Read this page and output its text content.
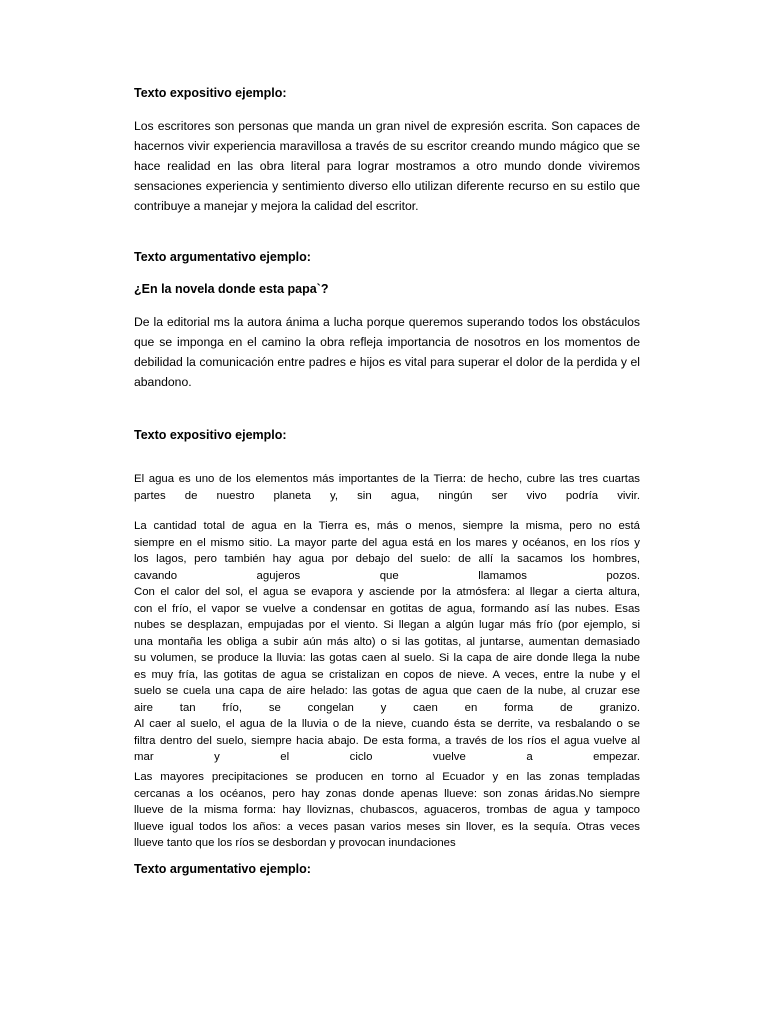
Texto expositivo ejemplo:

Los escritores son personas que manda un gran nivel de expresión escrita. Son capaces de hacernos vivir experiencia maravillosa a través de su escritor creando mundo mágico que se hace realidad en las obra literal para lograr mostramos a otro mundo donde viviremos sensaciones experiencia y sentimiento diverso ello utilizan diferente recurso en su estilo que contribuye a manejar y mejora la calidad del escritor.

Texto argumentativo ejemplo:
¿En la novela donde esta papa`?

De la editorial ms la autora ánima a lucha porque queremos superando todos los obstáculos que se imponga en el camino la obra refleja importancia de nosotros en los momentos de debilidad la comunicación entre padres e hijos es vital para superar el dolor de la perdida y el abandono.

Texto expositivo ejemplo:
El agua es uno de los elementos más importantes de la Tierra: de hecho, cubre las tres cuartas
partes de nuestro planeta y, sin agua, ningún ser vivo podría vivir.
La cantidad total de agua en la Tierra es, más o menos, siempre la misma, pero no está
siempre en el mismo sitio. La mayor parte del agua está en los mares y océanos, en los ríos y
los lagos, pero también hay agua por debajo del suelo: de allí la sacamos los hombres,
cavando agujeros que llamamos pozos.
Con el calor del sol, el agua se evapora y asciende por la atmósfera: al llegar a cierta altura,
con el frío, el vapor se vuelve a condensar en gotitas de agua, formando así las nubes. Esas
nubes se desplazan, empujadas por el viento. Si llegan a algún lugar más frío (por ejemplo, si
una montaña les obliga a subir aún más alto) o si las gotitas, al juntarse, aumentan demasiado
su volumen, se produce la lluvia: las gotas caen al suelo. Si la capa de aire donde llega la nube
es muy fría, las gotitas de agua se cristalizan en copos de nieve. A veces, entre la nube y el
suelo se cuela una capa de aire helado: las gotas de agua que caen de la nube, al cruzar ese
aire tan frío, se congelan y caen en forma de granizo.
Al caer al suelo, el agua de la lluvia o de la nieve, cuando ésta se derrite, va resbalando o se
filtra dentro del suelo, siempre hacia abajo. De esta forma, a través de los ríos el agua vuelve al
mar y el ciclo vuelve a empezar.
Las mayores precipitaciones se producen en torno al Ecuador y en las zonas templadas
cercanas a los océanos, pero hay zonas donde apenas llueve: son zonas áridas.No siempre
llueve de la misma forma: hay lloviznas, chubascos, aguaceros, trombas de agua y tampoco
llueve igual todos los años: a veces pasan varios meses sin llover, es la sequía. Otras veces
llueve tanto que los ríos se desbordan y provocan inundaciones
Texto argumentativo ejemplo:
